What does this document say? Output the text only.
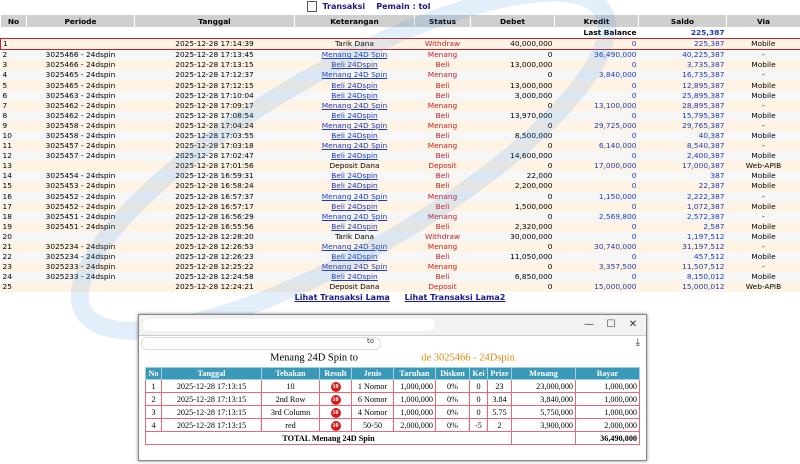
Transaksi Pemain : tol
No	Periode	Tanggal	Keterangan	Status	Debet	Kredit	Saldo	Via
						Last Balance	225,387	
1		2025-12-28 17:14:39	Tarik Dana	Withdraw	40,000,000	0	225,387	Mobile
2	3025466 - 24dspin	2025-12-28 17:13:45	Menang 24D Spin	Menang	0	36,490,000	40,225,387	-
3	3025466 - 24dspin	2025-12-28 17:13:15	Beli 24Dspin	Beli	13,000,000	0	3,735,387	Mobile
4	3025465 - 24dspin	2025-12-28 17:12:37	Menang 24D Spin	Menang	0	3,840,000	16,735,387	-
5	3025465 - 24dspin	2025-12-28 17:12:15	Beli 24Dspin	Beli	13,000,000	0	12,895,387	Mobile
6	3025463 - 24dspin	2025-12-28 17:10:04	Beli 24Dspin	Beli	3,000,000	0	25,895,387	Mobile
7	3025462 - 24dspin	2025-12-28 17:09:17	Menang 24D Spin	Menang	0	13,100,000	28,895,387	-
8	3025462 - 24dspin	2025-12-28 17:08:54	Beli 24Dspin	Beli	13,970,000	0	15,795,387	Mobile
9	3025458 - 24dspin	2025-12-28 17:04:24	Menang 24D Spin	Menang	0	29,725,000	29,765,387	-
10	3025458 - 24dspin	2025-12-28 17:03:55	Beli 24Dspin	Beli	8,500,000	0	40,387	Mobile
11	3025457 - 24dspin	2025-12-28 17:03:18	Menang 24D Spin	Menang	0	6,140,000	8,540,387	-
12	3025457 - 24dspin	2025-12-28 17:02:47	Beli 24Dspin	Beli	14,600,000	0	2,400,387	Mobile
13		2025-12-28 17:01:56	Deposit Dana	Deposit	0	17,000,000	17,000,387	Web-APIB
14	3025454 - 24dspin	2025-12-28 16:59:31	Beli 24Dspin	Beli	22,000	0	387	Mobile
15	3025453 - 24dspin	2025-12-28 16:58:24	Beli 24Dspin	Beli	2,200,000	0	22,387	Mobile
16	3025452 - 24dspin	2025-12-28 16:57:37	Menang 24D Spin	Menang	0	1,150,000	2,222,387	-
17	3025452 - 24dspin	2025-12-28 16:57:17	Beli 24Dspin	Beli	1,500,000	0	1,072,387	Mobile
18	3025451 - 24dspin	2025-12-28 16:56:29	Menang 24D Spin	Menang	0	2,569,800	2,572,387	-
19	3025451 - 24dspin	2025-12-28 16:55:56	Beli 24Dspin	Beli	2,320,000	0	2,587	Mobile
20		2025-12-28 12:28:20	Tarik Dana	Withdraw	30,000,000	0	1,197,512	Mobile
21	3025234 - 24dspin	2025-12-28 12:26:53	Menang 24D Spin	Menang	0	30,740,000	31,197,512	-
22	3025234 - 24dspin	2025-12-28 12:26:23	Beli 24Dspin	Beli	11,050,000	0	457,512	Mobile
23	3025233 - 24dspin	2025-12-28 12:25:22	Menang 24D Spin	Menang	0	3,357,500	11,507,512	-
24	3025233 - 24dspin	2025-12-28 12:24:58	Beli 24Dspin	Beli	6,850,000	0	8,150,012	Mobile
25		2025-12-28 12:24:21	Deposit Dana	Deposit	0	15,000,000	15,000,012	Web-APIB
Lihat Transaksi Lama Lihat Transaksi Lama2
— ☐ ✕
to	⤓
Menang 24D Spin to	de 3025466 - 24Dspin
No	Tanggal	Tebakan	Result	Jenis	Taruhan	Diskon	Kei	Prize	Menang	Bayar
1	2025-12-28 17:13:15	10	10	1 Nomor	1,000,000	0%	0	23	23,000,000	1,000,000
2	2025-12-28 17:13:15	2nd Row	10	6 Nomor	1,000,000	0%	0	3.84	3,840,000	1,000,000
3	2025-12-28 17:13:15	3rd Column	10	4 Nomor	1,000,000	0%	0	5.75	5,750,000	1,000,000
4	2025-12-28 17:13:15	red	10	50-50	2,000,000	0%	-5	2	3,900,000	2,000,000
TOTAL Menang 24D Spin										36,490,000
